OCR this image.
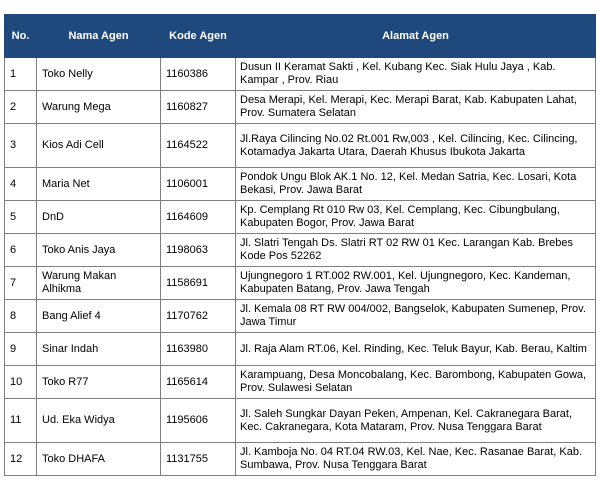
No.	Nama Agen	Kode Agen	Alamat Agen
1	Toko Nelly	1160386	Dusun II Keramat Sakti , Kel. Kubang Kec. Siak Hulu Jaya , Kab. Kampar , Prov. Riau
2	Warung Mega	1160827	Desa Merapi, Kel. Merapi, Kec. Merapi Barat, Kab. Kabupaten Lahat, Prov. Sumatera Selatan
3	Kios Adi Cell	1164522	Jl.Raya Cilincing No.02 Rt.001 Rw,003 , Kel. Cilincing, Kec. Cilincing, Kotamadya Jakarta Utara, Daerah Khusus Ibukota Jakarta
4	Maria Net	1106001	Pondok Ungu Blok AK.1 No. 12, Kel. Medan Satria, Kec. Losari, Kota Bekasi, Prov. Jawa Barat
5	DnD	1164609	Kp. Cemplang Rt 010 Rw 03, Kel. Cemplang, Kec. Cibungbulang, Kabupaten Bogor, Prov. Jawa Barat
6	Toko Anis Jaya	1198063	Jl. Slatri Tengah Ds. Slatri RT 02 RW 01 Kec. Larangan Kab. Brebes Kode Pos 52262
7	Warung Makan Alhikma	1158691	Ujungnegoro 1 RT.002 RW.001, Kel. Ujungnegoro, Kec. Kandeman, Kabupaten Batang, Prov. Jawa Tengah
8	Bang Alief 4	1170762	Jl. Kemala 08 RT RW 004/002, Bangselok, Kabupaten Sumenep, Prov. Jawa Timur
9	Sinar Indah	1163980	Jl. Raja Alam RT.06, Kel. Rinding, Kec. Teluk Bayur, Kab. Berau, Kaltim
10	Toko R77	1165614	Karampuang, Desa Moncobalang, Kec. Barombong, Kabupaten Gowa, Prov. Sulawesi Selatan
11	Ud. Eka Widya	1195606	Jl. Saleh Sungkar Dayan Peken, Ampenan, Kel. Cakranegara Barat, Kec. Cakranegara, Kota Mataram, Prov. Nusa Tenggara Barat
12	Toko DHAFA	1131755	Jl. Kamboja No. 04 RT.04 RW.03, Kel. Nae, Kec. Rasanae Barat, Kab. Sumbawa, Prov. Nusa Tenggara Barat
